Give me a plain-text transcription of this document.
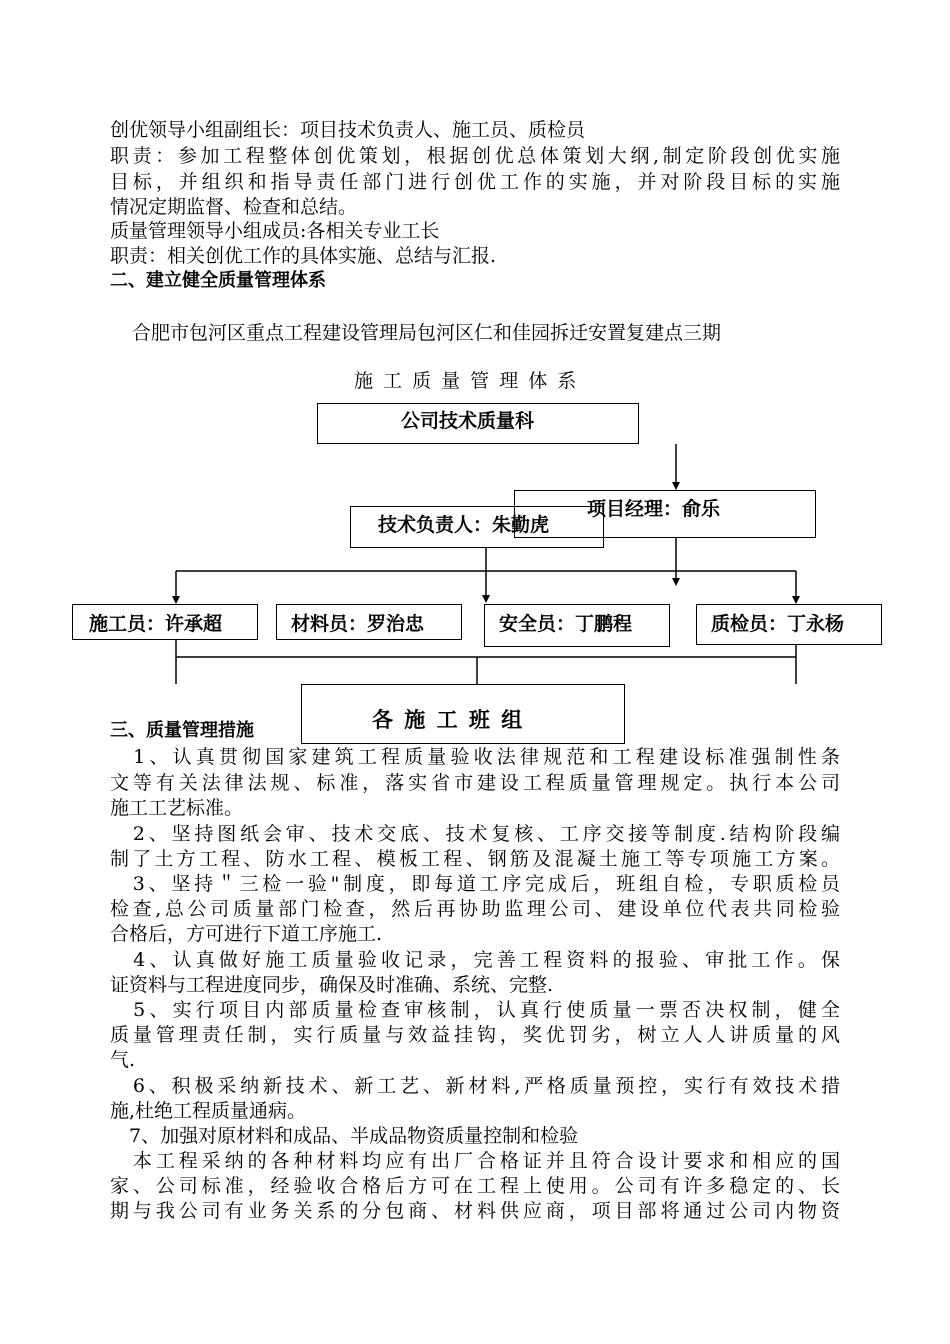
创优领导小组副组长：项目技术负责人、施工员、质检员
职责：参加工程整体创优策划，根据创优总体策划大纲,制定阶段创优实施
目标，并组织和指导责任部门进行创优工作的实施，并对阶段目标的实施
情况定期监督、检查和总结。
质量管理领导小组成员:各相关专业工长
职责：相关创优工作的具体实施、总结与汇报.
二、建立健全质量管理体系
合肥市包河区重点工程建设管理局包河区仁和佳园拆迁安置复建点三期
施 工 质 量 管 理 体 系
公司技术质量科
项目经理：俞乐
技术负责人：朱勤虎
施工员：许承超	材料员：罗治忠	安全员：丁鹏程	质检员：丁永杨
各 施 工 班 组
三、质量管理措施
　1、认真贯彻国家建筑工程质量验收法律规范和工程建设标准强制性条
文等有关法律法规、标准，落实省市建设工程质量管理规定。执行本公司
施工工艺标准。
　2、坚持图纸会审、技术交底、技术复核、工序交接等制度.结构阶段编
制了土方工程、防水工程、模板工程、钢筋及混凝土施工等专项施工方案。
　3、坚持＂三检一验"制度，即每道工序完成后，班组自检，专职质检员
检查,总公司质量部门检查，然后再协助监理公司、建设单位代表共同检验
合格后，方可进行下道工序施工.
　4、认真做好施工质量验收记录，完善工程资料的报验、审批工作。保
证资料与工程进度同步，确保及时准确、系统、完整.
　5、实行项目内部质量检查审核制，认真行使质量一票否决权制，健全
质量管理责任制，实行质量与效益挂钩，奖优罚劣，树立人人讲质量的风
气.
　6、积极采纳新技术、新工艺、新材料,严格质量预控，实行有效技术措
施,杜绝工程质量通病。
　7、加强对原材料和成品、半成品物资质量控制和检验
　本工程采纳的各种材料均应有出厂合格证并且符合设计要求和相应的国
家、公司标准，经验收合格后方可在工程上使用。公司有许多稳定的、长
期与我公司有业务关系的分包商、材料供应商，项目部将通过公司内物资
